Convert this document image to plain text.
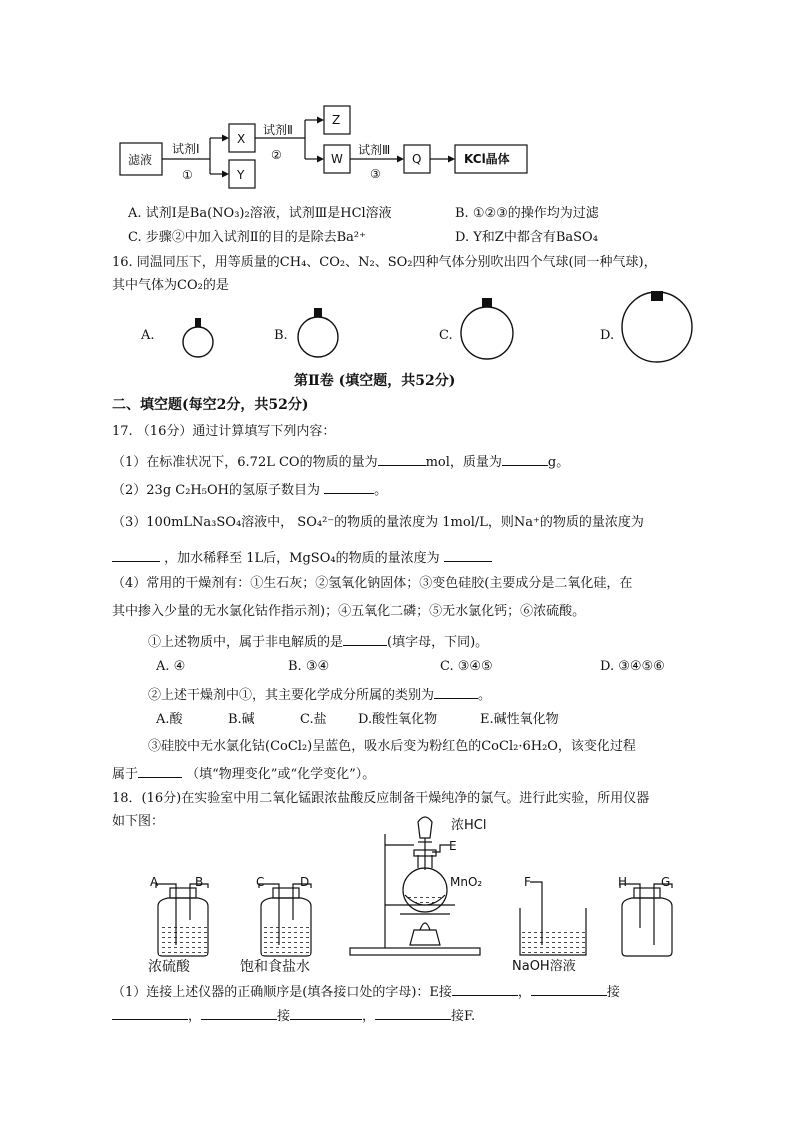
滤液
试剂Ⅰ
①
X
Y
试剂Ⅱ
②
Z
W
试剂Ⅲ
③
Q	KCl晶体
A. 试剂Ⅰ是Ba(NO₃)₂溶液，试剂Ⅲ是HCl溶液	B. ①②③的操作均为过滤
C. 步骤②中加入试剂Ⅱ的目的是除去Ba²⁺	D. Y和Z中都含有BaSO₄
16. 同温同压下，用等质量的CH₄、CO₂、N₂、SO₂四种气体分别吹出四个气球(同一种气球)，
其中气体为CO₂的是
A.	B.	C.	D.
第Ⅱ卷 (填空题，共52分)
二、填空题(每空2分，共52分)
17. （16分）通过计算填写下列内容：
（1）在标准状况下，6.72L CO的物质的量为	mol，质量为	g。
（2）23g C₂H₅OH的氢原子数目为	。
（3）100mLNa₃SO₄溶液中， SO₄²⁻的物质的量浓度为 1mol/L，则Na⁺的物质的量浓度为
，加水稀释至 1L后，MgSO₄的物质的量浓度为
（4）常用的干燥剂有：①生石灰；②氢氧化钠固体；③变色硅胶(主要成分是二氧化硅，在
其中掺入少量的无水氯化钴作指示剂)；④五氧化二磷；⑤无水氯化钙；⑥浓硫酸。
①上述物质中，属于非电解质的是	(填字母，下同)。
A. ④	B. ③④	C. ③④⑤	D. ③④⑤⑥
②上述干燥剂中①，其主要化学成分所属的类别为	。
A.酸	B.碱	C.盐 D.酸性氧化物	E.碱性氧化物
③硅胶中无水氯化钴(CoCl₂)呈蓝色，吸水后变为粉红色的CoCl₂·6H₂O，该变化过程
属于	（填“物理变化”或“化学变化”）。
18．(16分)在实验室中用二氧化锰跟浓盐酸反应制备干燥纯净的氯气。进行此实验，所用仪器
如下图：
A	B	C	D
浓HCl
E
MnO₂	F	H	G
浓硫酸	饱和食盐水	NaOH溶液
（1）连接上述仪器的正确顺序是(填各接口处的字母)：E接	，	接
，	接	，	接F.
